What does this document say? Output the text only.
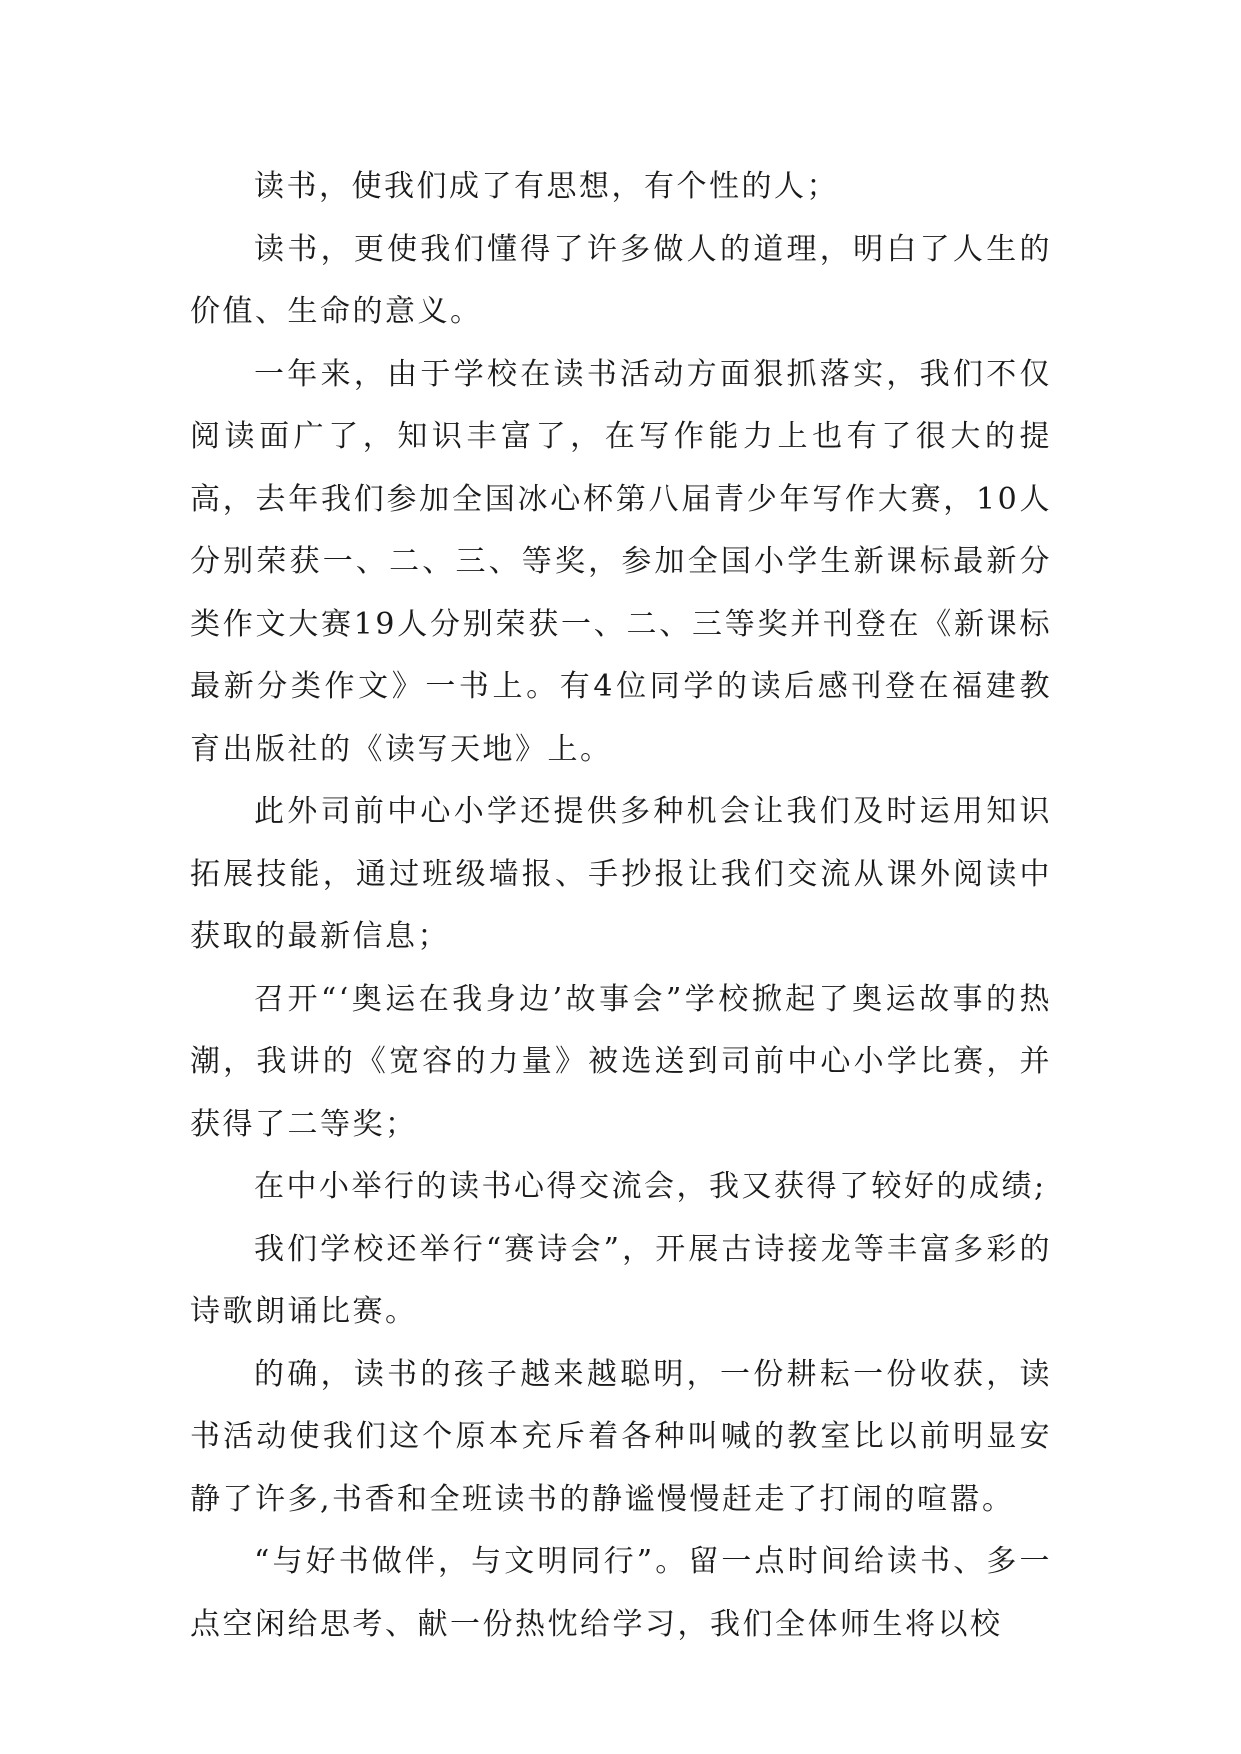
读书，使我们成了有思想，有个性的人；

读书，更使我们懂得了许多做人的道理，明白了人生的价值、生命的意义。

一年来，由于学校在读书活动方面狠抓落实，我们不仅阅读面广了，知识丰富了，在写作能力上也有了很大的提高，去年我们参加全国冰心杯第八届青少年写作大赛，10人分别荣获一、二、三、等奖，参加全国小学生新课标最新分类作文大赛19人分别荣获一、二、三等奖并刊登在《新课标最新分类作文》一书上。有4位同学的读后感刊登在福建教育出版社的《读写天地》上。

此外司前中心小学还提供多种机会让我们及时运用知识拓展技能，通过班级墙报、手抄报让我们交流从课外阅读中获取的最新信息；

召开“‘奥运在我身边’故事会”学校掀起了奥运故事的热潮，我讲的《宽容的力量》被选送到司前中心小学比赛，并获得了二等奖；

在中小举行的读书心得交流会，我又获得了较好的成绩;

我们学校还举行“赛诗会”，开展古诗接龙等丰富多彩的诗歌朗诵比赛。

的确，读书的孩子越来越聪明，一份耕耘一份收获，读书活动使我们这个原本充斥着各种叫喊的教室比以前明显安静了许多,书香和全班读书的静谧慢慢赶走了打闹的喧嚣。

“与好书做伴，与文明同行”。留一点时间给读书、多一点空闲给思考、献一份热忱给学习，我们全体师生将以校
